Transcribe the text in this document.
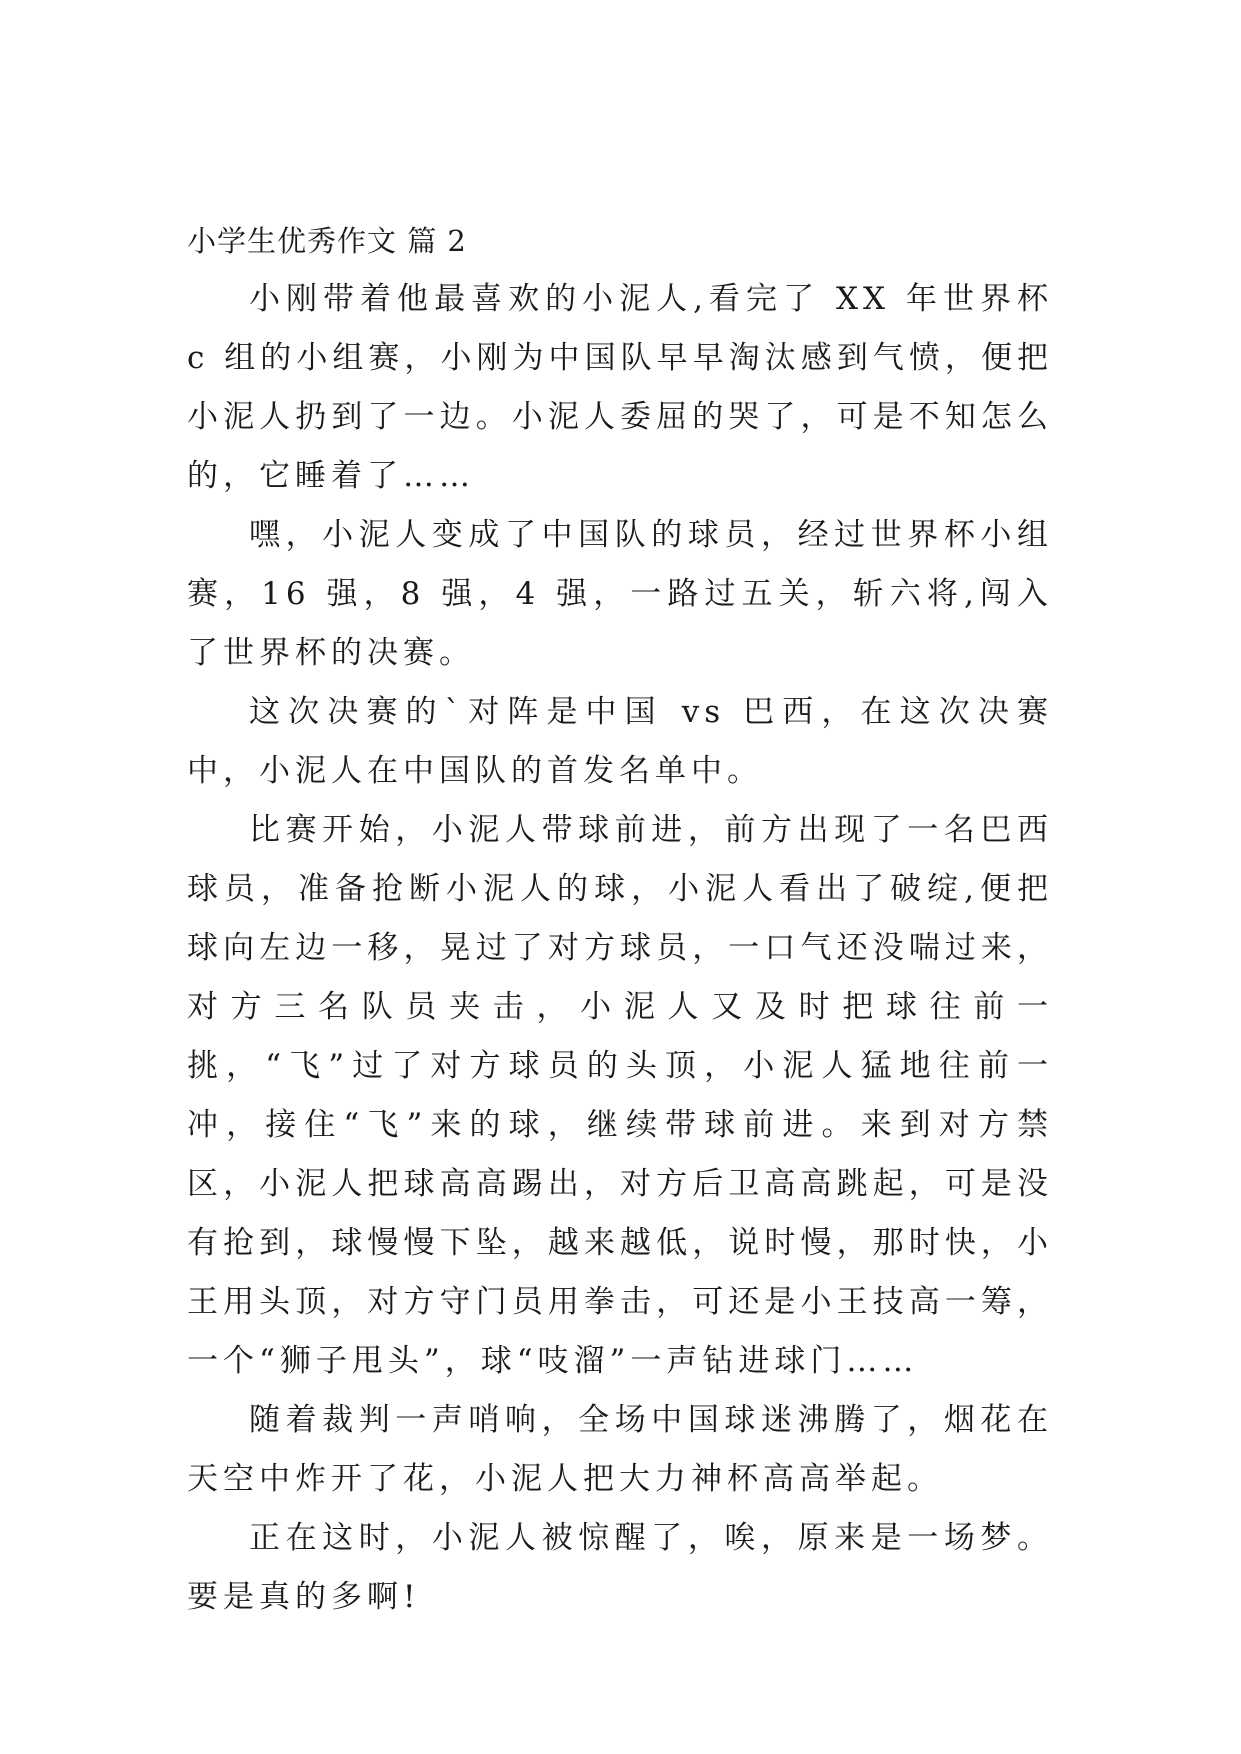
小学生优秀作文 篇 2

小刚带着他最喜欢的小泥人,看完了 XX 年世界杯 c 组的小组赛，小刚为中国队早早淘汰感到气愤，便把小泥人扔到了一边。小泥人委屈的哭了，可是不知怎么的，它睡着了……

嘿，小泥人变成了中国队的球员，经过世界杯小组赛，16 强，8 强，4 强，一路过五关，斩六将,闯入了世界杯的决赛。

这次决赛的`对阵是中国 vs 巴西，在这次决赛中，小泥人在中国队的首发名单中。

比赛开始，小泥人带球前进，前方出现了一名巴西球员，准备抢断小泥人的球，小泥人看出了破绽,便把球向左边一移，晃过了对方球员，一口气还没喘过来，对方三名队员夹击，小泥人又及时把球往前一挑，“飞”过了对方球员的头顶，小泥人猛地往前一冲，接住“飞”来的球，继续带球前进。来到对方禁区，小泥人把球高高踢出，对方后卫高高跳起，可是没有抢到，球慢慢下坠，越来越低，说时慢，那时快，小王用头顶，对方守门员用拳击，可还是小王技高一筹，一个“狮子甩头”，球“吱溜”一声钻进球门……

随着裁判一声哨响，全场中国球迷沸腾了，烟花在天空中炸开了花，小泥人把大力神杯高高举起。

正在这时，小泥人被惊醒了，唉，原来是一场梦。要是真的多啊!
